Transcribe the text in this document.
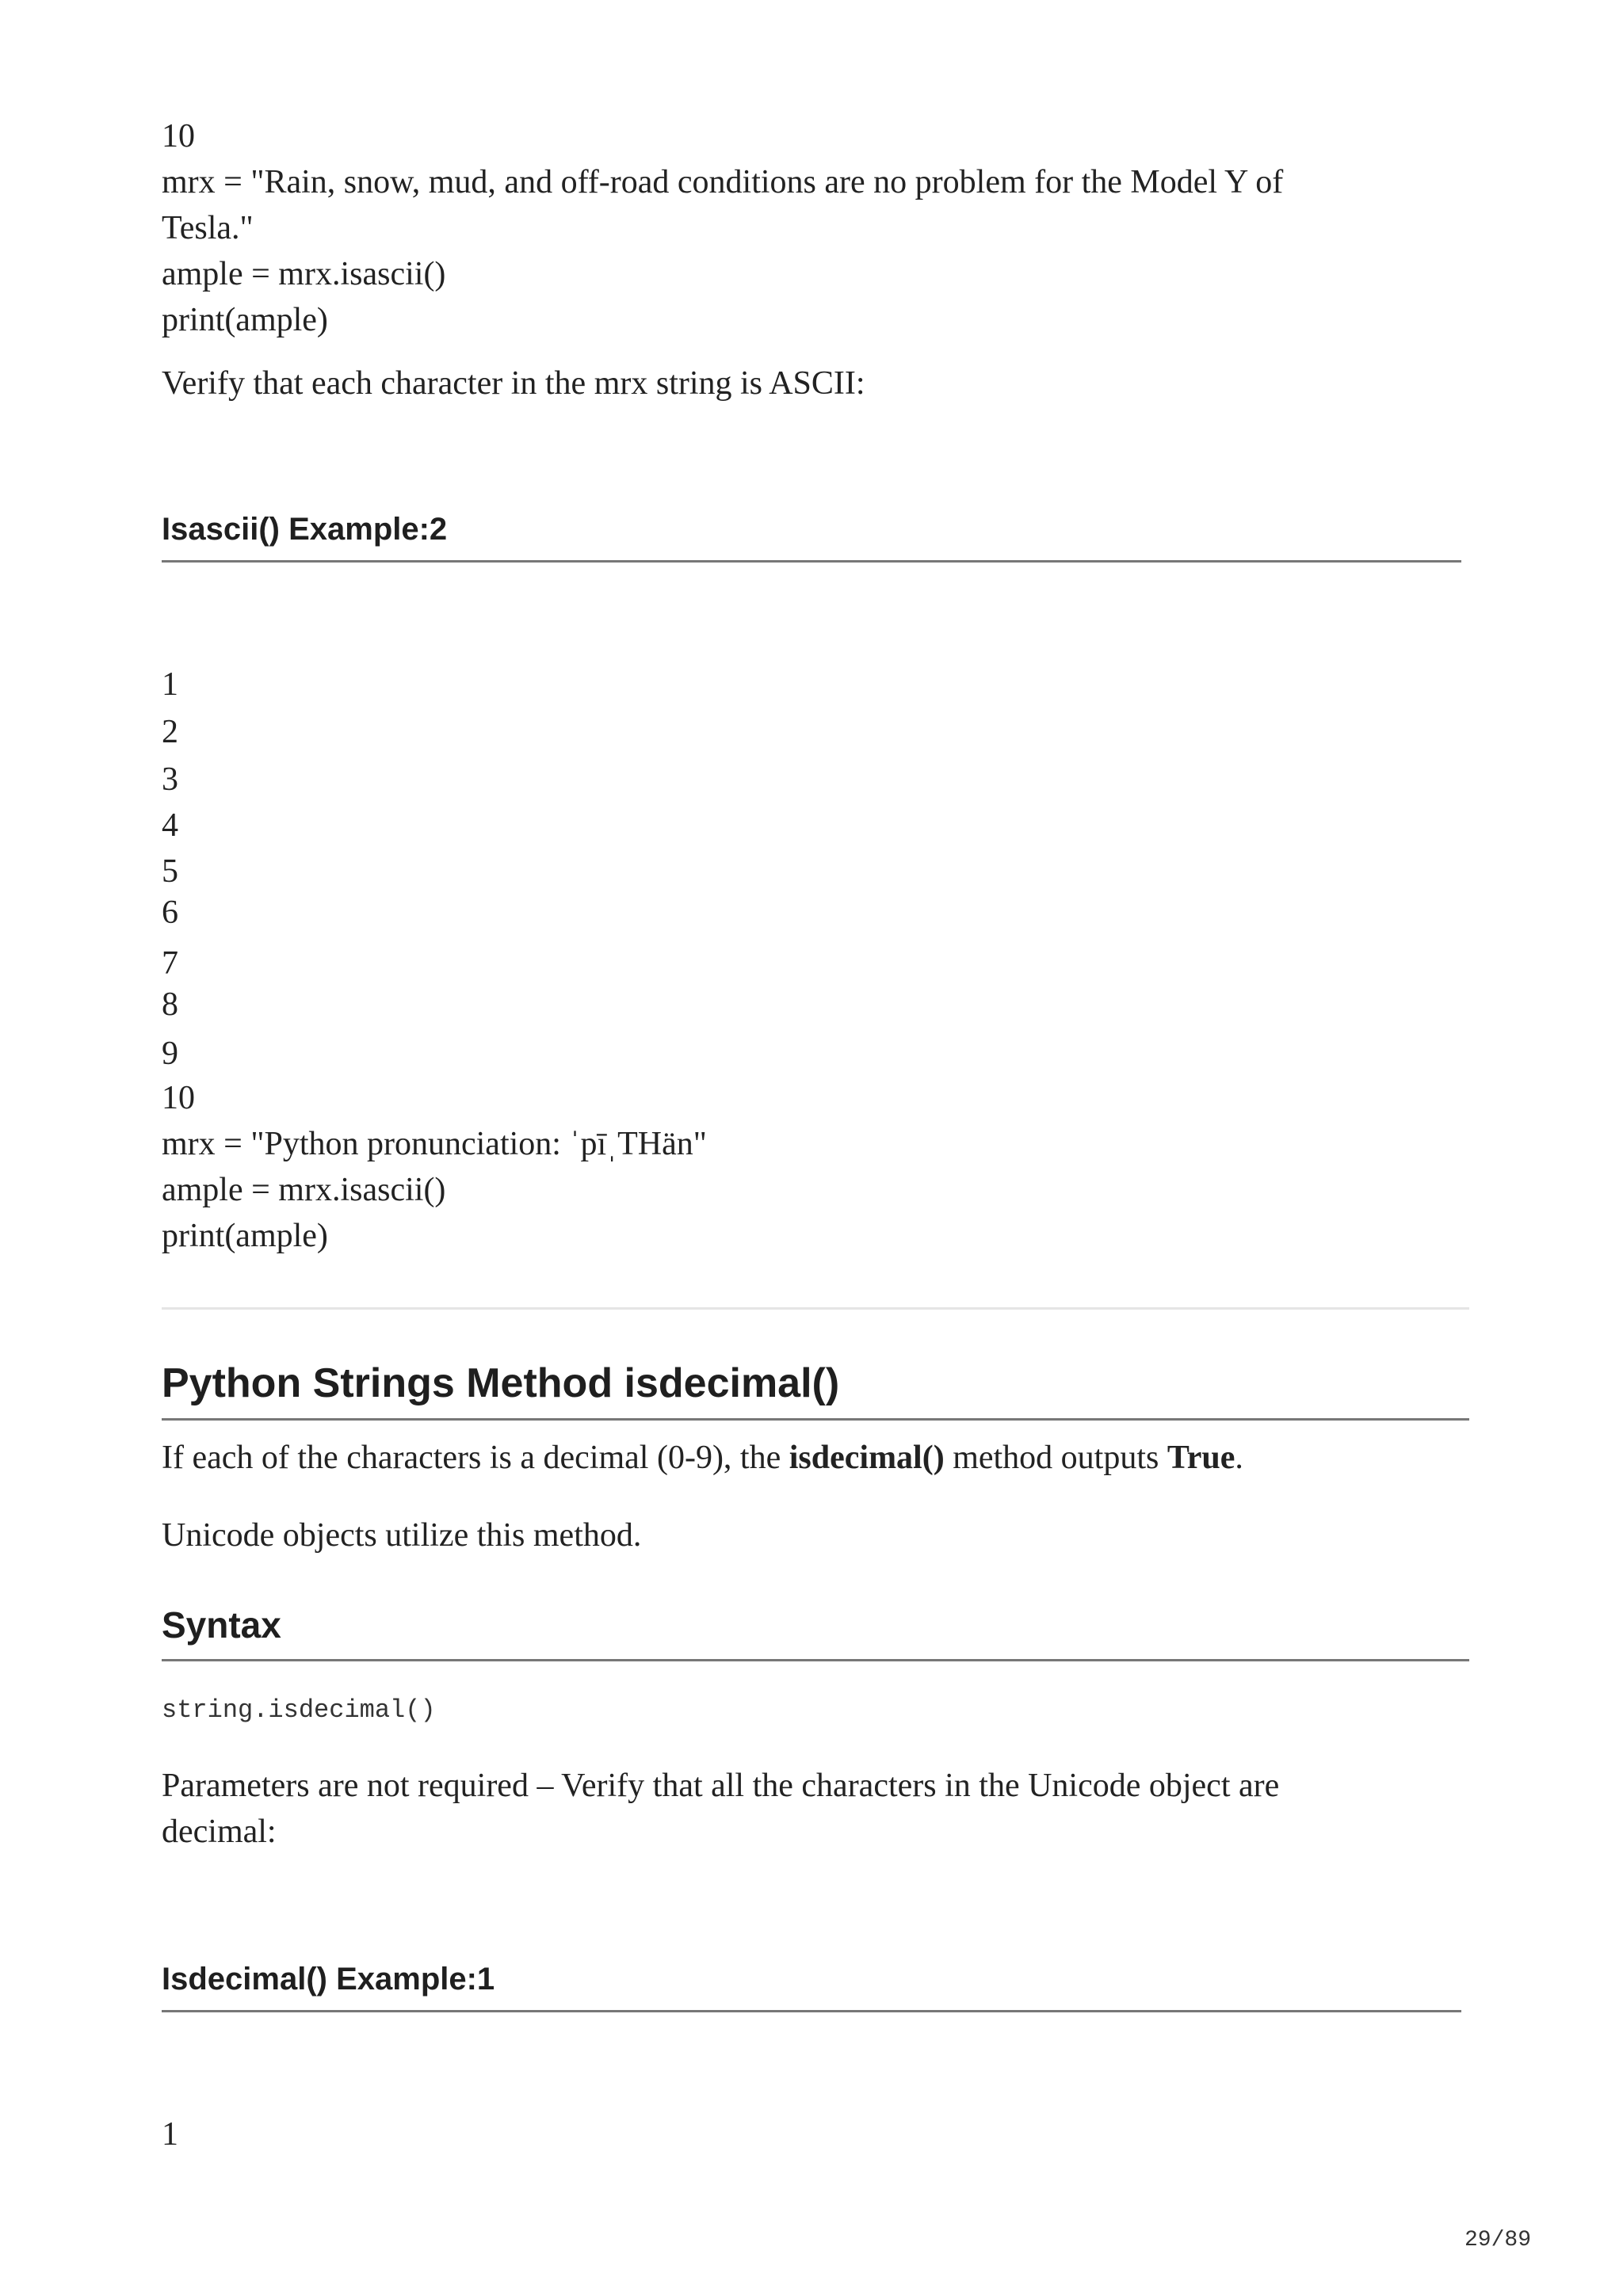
10
mrx = "Rain, snow, mud, and off-road conditions are no problem for the Model Y of
Tesla."
ample = mrx.isascii()
print(ample)
Verify that each character in the mrx string is ASCII:
Isascii() Example:2
1
2
3
4
5
6
7
8
9
10
mrx = "Python pronunciation: ˈpīˌTHän"
ample = mrx.isascii()
print(ample)
Python Strings Method isdecimal()
If each of the characters is a decimal (0-9), the isdecimal() method outputs True.
Unicode objects utilize this method.
Syntax
string.isdecimal()
Parameters are not required – Verify that all the characters in the Unicode object are
decimal:
Isdecimal() Example:1
1
29/89
